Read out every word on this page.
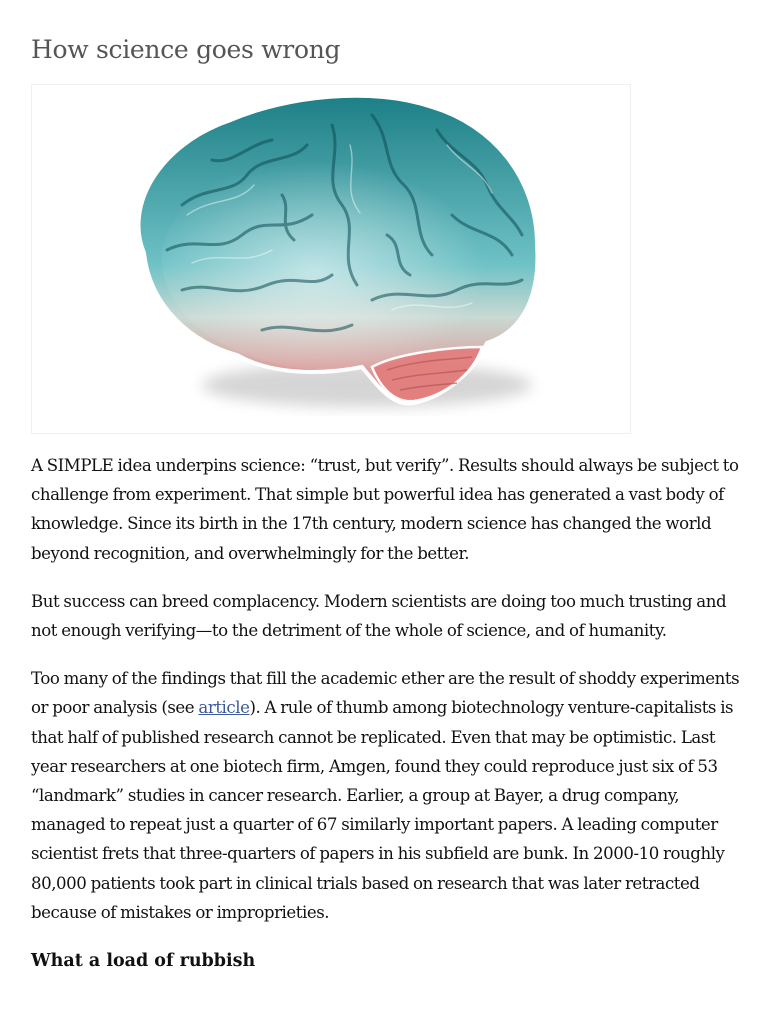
How science goes wrong

A SIMPLE idea underpins science: “trust, but verify”. Results should always be subject to challenge from experiment. That simple but powerful idea has generated a vast body of knowledge. Since its birth in the 17th century, modern science has changed the world beyond recognition, and overwhelmingly for the better.

But success can breed complacency. Modern scientists are doing too much trusting and not enough verifying—to the detriment of the whole of science, and of humanity.

Too many of the findings that fill the academic ether are the result of shoddy experiments or poor analysis (see article). A rule of thumb among biotechnology venture-capitalists is that half of published research cannot be replicated. Even that may be optimistic. Last year researchers at one biotech firm, Amgen, found they could reproduce just six of 53 “landmark” studies in cancer research. Earlier, a group at Bayer, a drug company, managed to repeat just a quarter of 67 similarly important papers. A leading computer scientist frets that three-quarters of papers in his subfield are bunk. In 2000-10 roughly 80,000 patients took part in clinical trials based on research that was later retracted because of mistakes or improprieties.

What a load of rubbish
